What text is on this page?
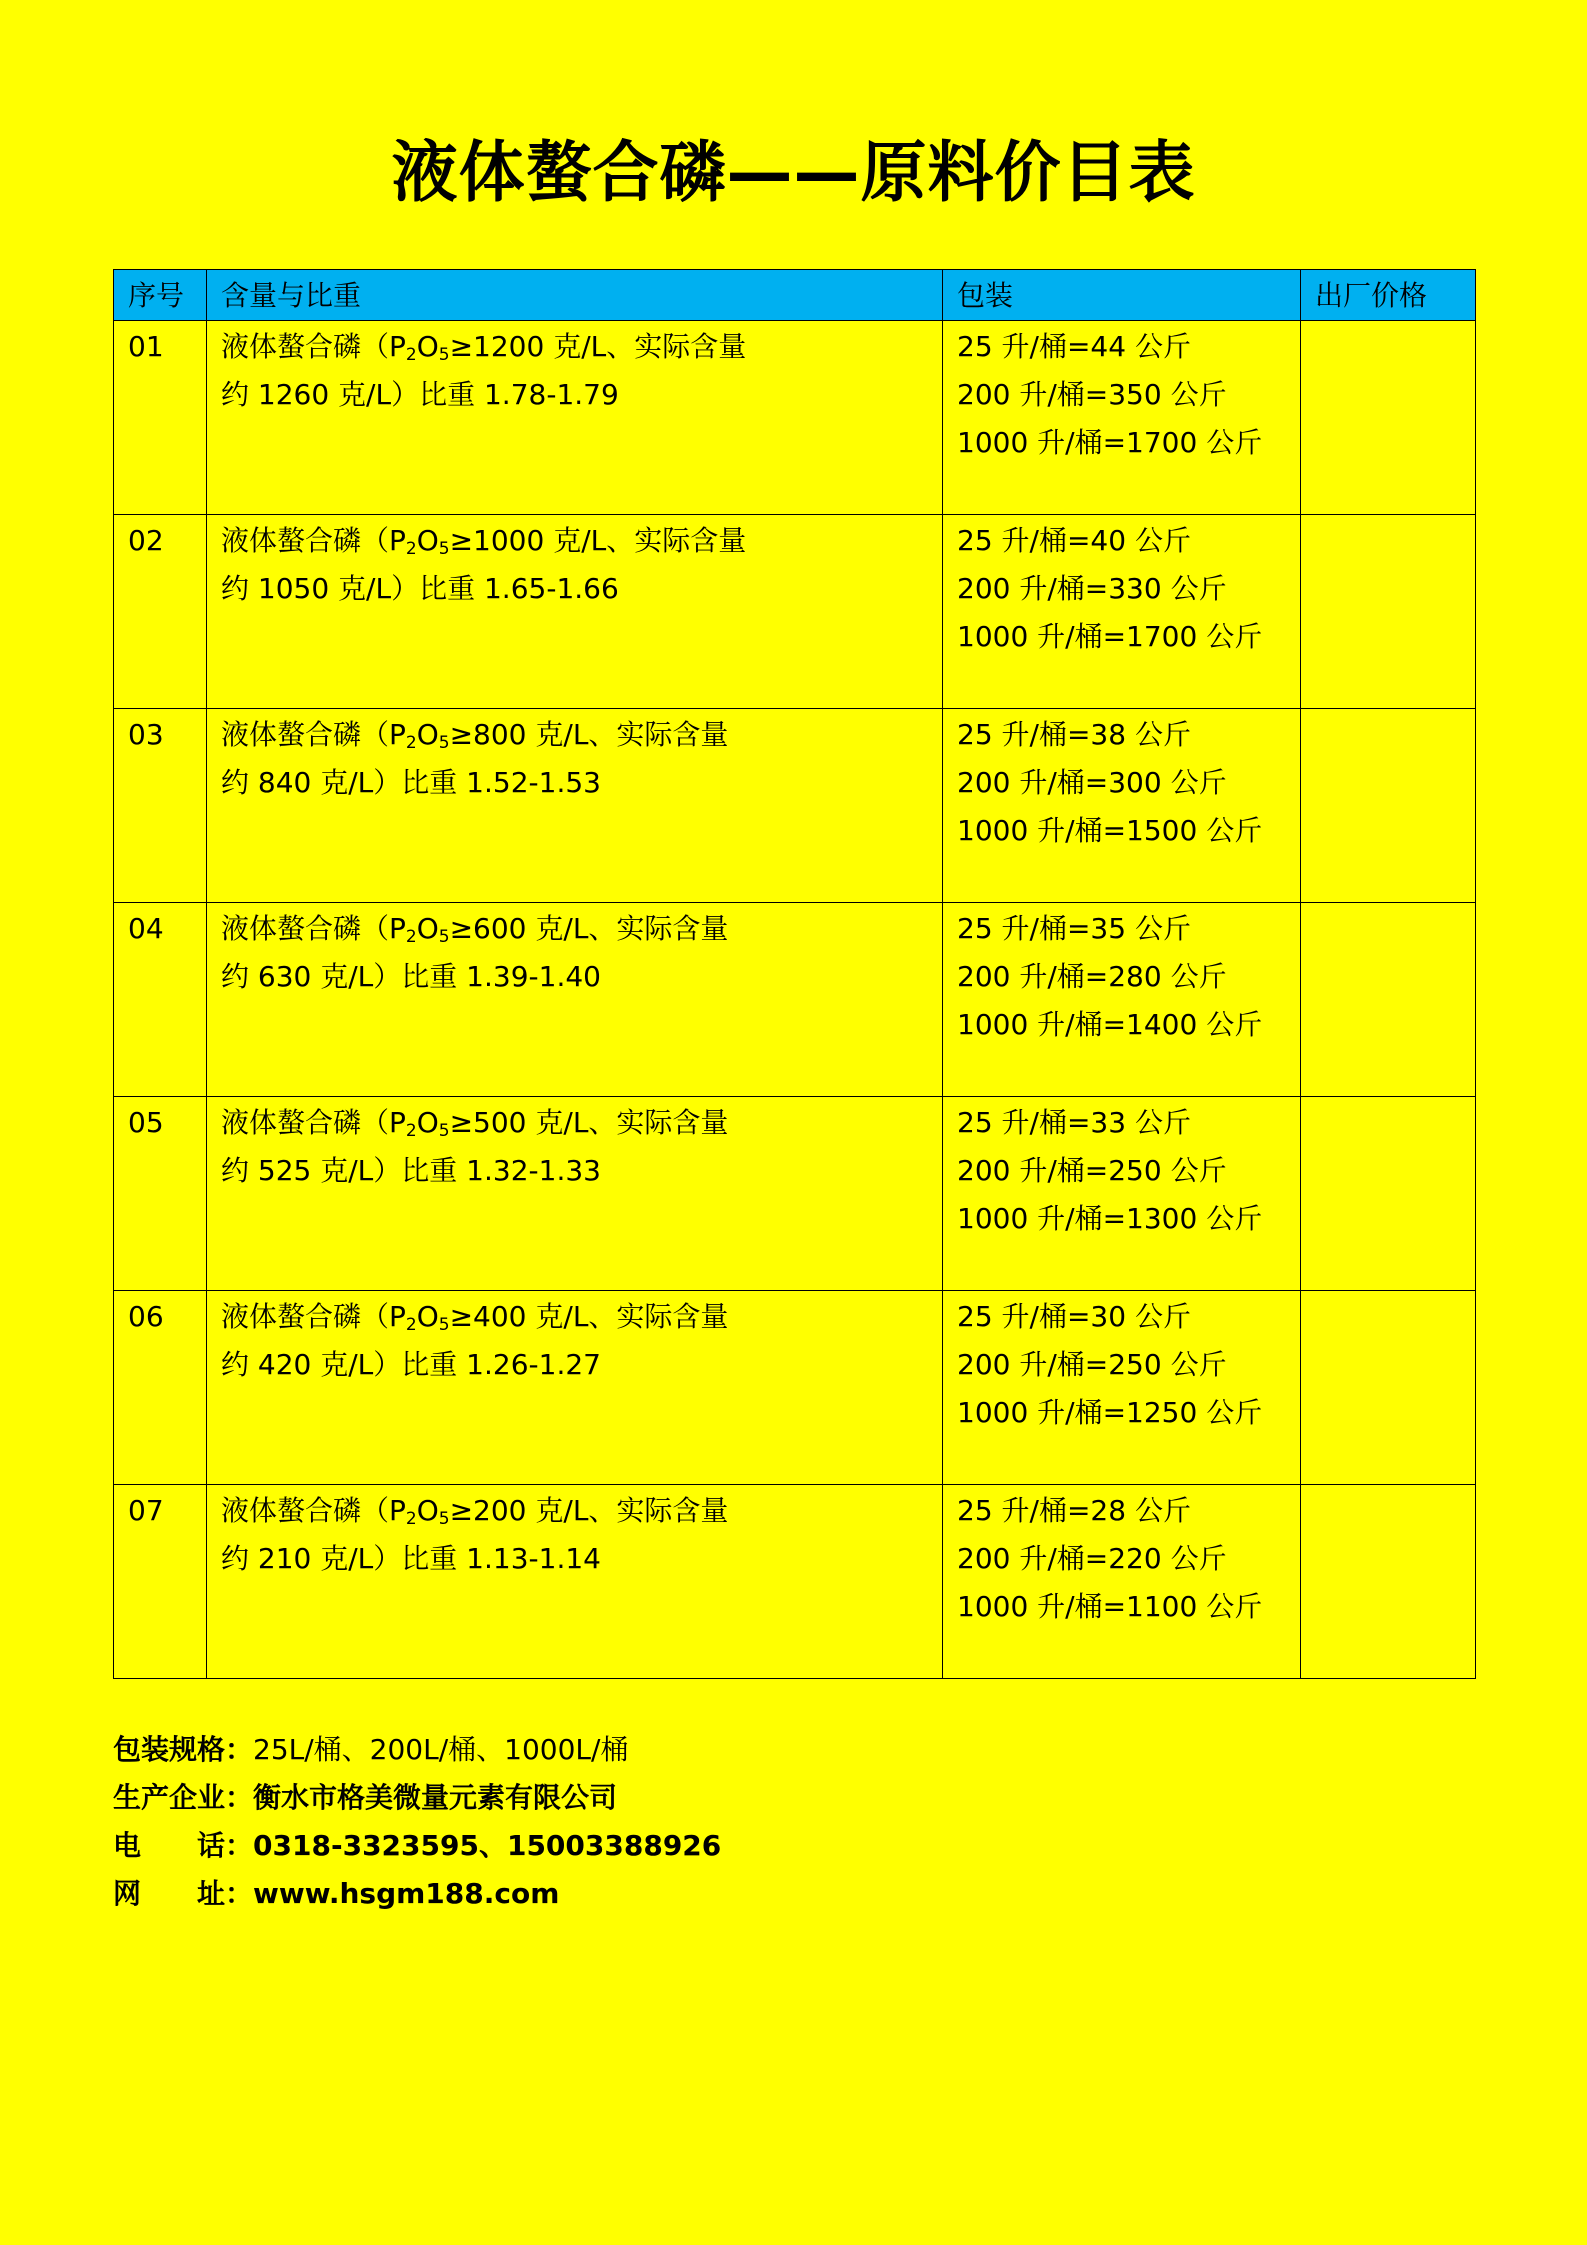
液体螯合磷——原料价目表
序号	含量与比重	包装	出厂价格
01	液体螯合磷（$P_2O_5\ge 1200$ 克/L、实际含量
约 1260 克/L）比重 1.78-1.79	25 升/桶=44 公斤
200 升/桶=350 公斤
1000 升/桶=1700 公斤	

02	液体螯合磷（$P_2O_5\ge 1000$ 克/L、实际含量
约 1050 克/L）比重 1.65-1.66	25 升/桶=40 公斤
200 升/桶=330 公斤
1000 升/桶=1700 公斤	

03	液体螯合磷（$P_2O_5\ge 800$ 克/L、实际含量
约 840 克/L）比重 1.52-1.53	25 升/桶=38 公斤
200 升/桶=300 公斤
1000 升/桶=1500 公斤	

04	液体螯合磷（$P_2O_5\ge 600$ 克/L、实际含量
约 630 克/L）比重 1.39-1.40	25 升/桶=35 公斤
200 升/桶=280 公斤
1000 升/桶=1400 公斤	

05	液体螯合磷（$P_2O_5\ge 500$ 克/L、实际含量
约 525 克/L）比重 1.32-1.33	25 升/桶=33 公斤
200 升/桶=250 公斤
1000 升/桶=1300 公斤	

06	液体螯合磷（$P_2O_5\ge 400$ 克/L、实际含量
约 420 克/L）比重 1.26-1.27	25 升/桶=30 公斤
200 升/桶=250 公斤
1000 升/桶=1250 公斤	

07	液体螯合磷（$P_2O_5\ge 200$ 克/L、实际含量
约 210 克/L）比重 1.13-1.14	25 升/桶=28 公斤
200 升/桶=220 公斤
1000 升/桶=1100 公斤	

包装规格：25L/桶、200L/桶、1000L/桶
生产企业：衡水市格美微量元素有限公司
电 话：0318-3323595、15003388926
网 址：www.hsgm188.com
